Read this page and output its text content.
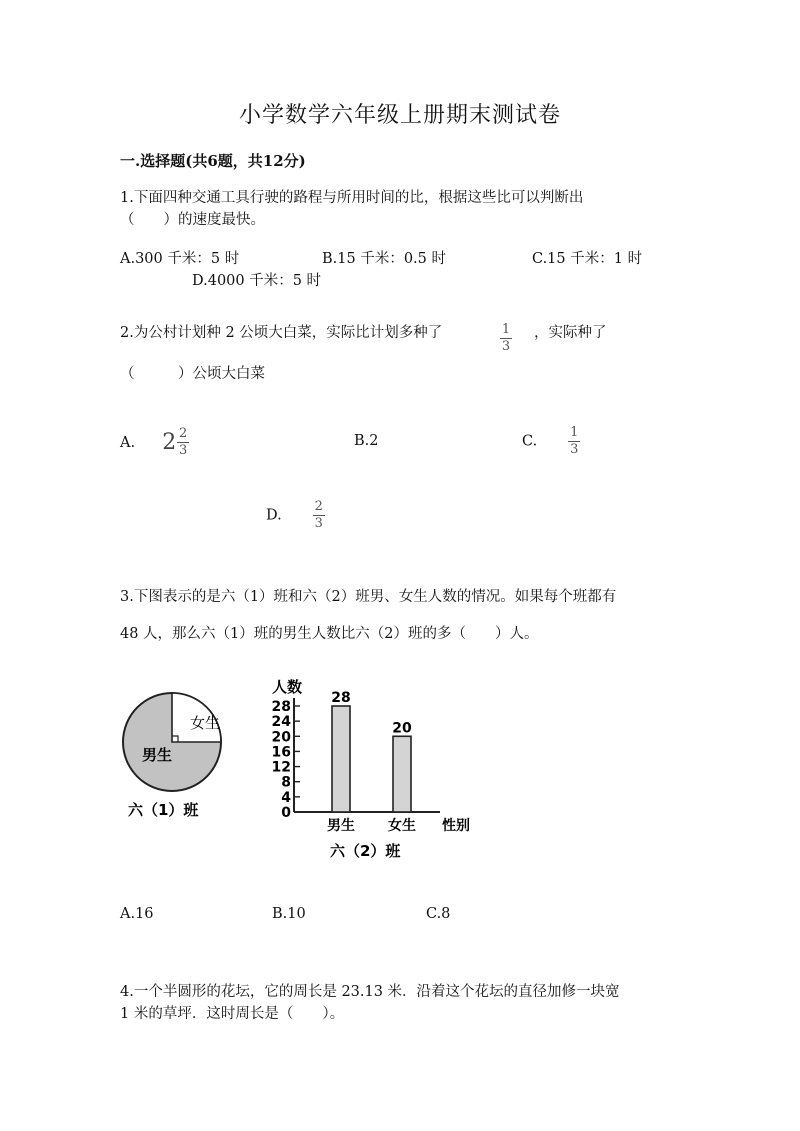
小学数学六年级上册期末测试卷
一.选择题(共6题，共12分)
1.下面四种交通工具行驶的路程与所用时间的比，根据这些比可以判断出
（　　）的速度最快。
A.300 千米：5 时	B.15 千米：0.5 时	C.15 千米：1 时
D.4000 千米：5 时
2.为公村计划种 2 公顷大白菜，实际比计划多种了	$\frac{1}{3}$ ，实际种了
（　　　）公顷大白菜
A. $2 \frac{2}{3}$	B.2	C. $\frac{1}{3}$
D. $\frac{2}{3}$
3.下图表示的是六（1）班和六（2）班男、女生人数的情况。如果每个班都有
48 人，那么六（1）班的男生人数比六（2）班的多（　　）人。
女生
男生
六（1）班
人数
性别
六（2）班
0
4
8
12
16
20
24
28
28
男生
20
女生
A.16	B.10	C.8
4.一个半圆形的花坛，它的周长是 23.13 米．沿着这个花坛的直径加修一块宽
1 米的草坪．这时周长是（　　）。
